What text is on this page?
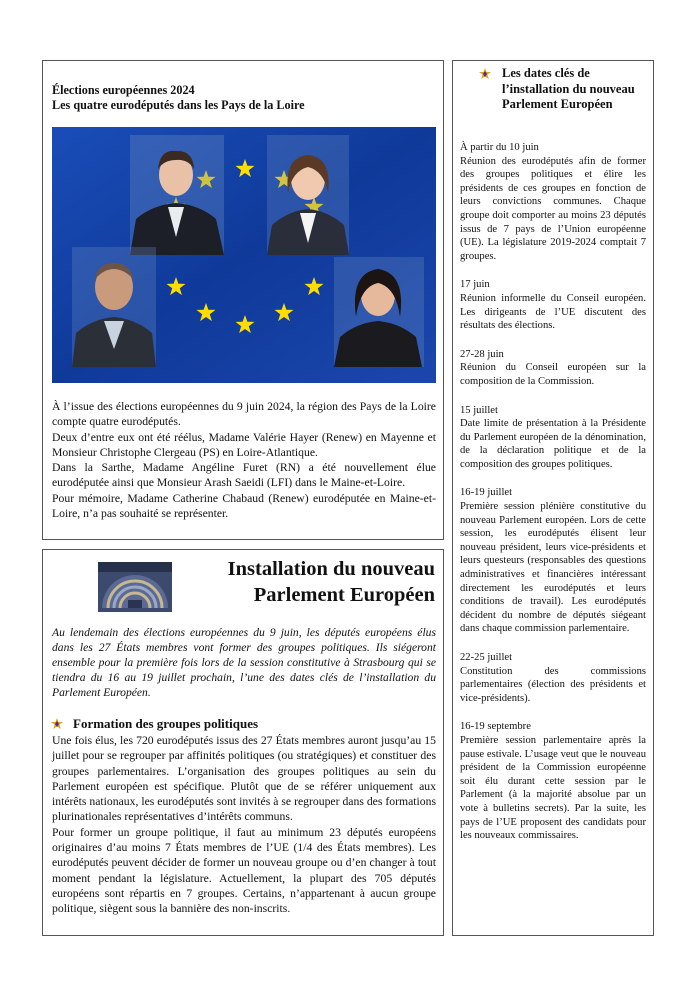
Élections européennes 2024
Les quatre eurodéputés dans les Pays de la Loire

À l’issue des élections européennes du 9 juin 2024, la région des Pays de la Loire compte quatre eurodéputés.
Deux d’entre eux ont été réélus, Madame Valérie Hayer (Renew) en Mayenne et Monsieur Christophe Clergeau (PS) en Loire-Atlantique.
Dans la Sarthe, Madame Angéline Furet (RN) a été nouvellement élue eurodéputée ainsi que Monsieur Arash Saeidi (LFI) dans le Maine-et-Loire.
Pour mémoire, Madame Catherine Chabaud (Renew) eurodéputée en Maine-et-Loire, n’a pas souhaité se représenter.

Installation du nouveau
Parlement Européen

Au lendemain des élections européennes du 9 juin, les députés européens élus dans les 27 États membres vont former des groupes politiques. Ils siégeront ensemble pour la première fois lors de la session constitutive à Strasbourg qui se tiendra du 16 au 19 juillet prochain, l’une des dates clés de l’installation du Parlement Européen.

Formation des groupes politiques

Une fois élus, les 720 eurodéputés issus des 27 États membres auront jusqu’au 15 juillet pour se regrouper par affinités politiques (ou stratégiques) et constituer des groupes parlementaires. L’organisation des groupes politiques au sein du Parlement européen est spécifique. Plutôt que de se référer uniquement aux intérêts nationaux, les eurodéputés sont invités à se regrouper dans des formations plurinationales représentatives d’intérêts communs.
Pour former un groupe politique, il faut au minimum 23 députés européens originaires d’au moins 7 États membres de l’UE (1/4 des États membres). Les eurodéputés peuvent décider de former un nouveau groupe ou d’en changer à tout moment pendant la législature. Actuellement, la plupart des 705 députés européens sont répartis en 7 groupes. Certains, n’appartenant à aucun groupe politique, siègent sous la bannière des non-inscrits.

Les dates clés de l’installation du nouveau Parlement Européen
À partir du 10 juin
Réunion des eurodéputés afin de former des groupes politiques et élire les présidents de ces groupes en fonction de leurs convictions communes. Chaque groupe doit comporter au moins 23 députés issus de 7 pays de l’Union européenne (UE). La législature 2019-2024 comptait 7 groupes.
17 juin
Réunion informelle du Conseil européen. Les dirigeants de l’UE discutent des résultats des élections.
27-28 juin
Réunion du Conseil européen sur la composition de la Commission.
15 juillet
Date limite de présentation à la Présidente du Parlement européen de la dénomination, de la déclaration politique et de la composition des groupes politiques.
16-19 juillet
Première session plénière constitutive du nouveau Parlement européen. Lors de cette session, les eurodéputés élisent leur nouveau président, leurs vice-présidents et leurs questeurs (responsables des questions administratives et financières intéressant directement les eurodéputés et leurs conditions de travail). Les eurodéputés décident du nombre de députés siégeant dans chaque commission parlementaire.
22-25 juillet
Constitution des commissions parlementaires (élection des présidents et vice-présidents).
16-19 septembre
Première session parlementaire après la pause estivale. L’usage veut que le nouveau président de la Commission européenne soit élu durant cette session par le Parlement (à la majorité absolue par un vote à bulletins secrets). Par la suite, les pays de l’UE proposent des candidats pour les nouveaux commissaires.
